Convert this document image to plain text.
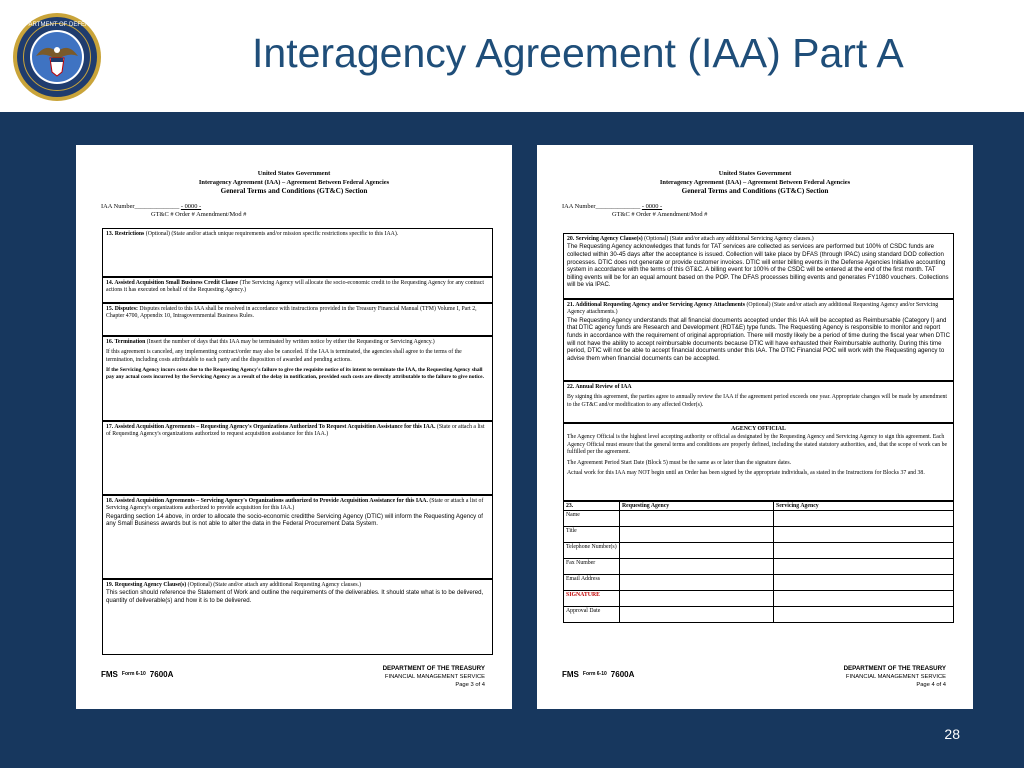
DEPARTMENT OF DEFENSE
Interagency Agreement (IAA) Part A
28
United States Government
Interagency Agreement (IAA) – Agreement Between Federal Agencies
General Terms and Conditions (GT&C) Section
IAA Number______________ - 0000 -
GT&C # Order # Amendment/Mod #
13. Restrictions (Optional) (State and/or attach unique requirements and/or mission specific restrictions specific to this IAA).
14. Assisted Acquisition Small Business Credit Clause (The Servicing Agency will allocate the socio-economic credit to the Requesting Agency for any contract actions it has executed on behalf of the Requesting Agency.)
15. Disputes: Disputes related to this IAA shall be resolved in accordance with instructions provided in the Treasury Financial Manual (TFM) Volume I, Part 2, Chapter 4700, Appendix 10, Intragovernmental Business Rules.

16. Termination (Insert the number of days that this IAA may be terminated by written notice by either the Requesting or Servicing Agency.)

If this agreement is canceled, any implementing contract/order may also be canceled. If the IAA is terminated, the agencies shall agree to the terms of the termination, including costs attributable to each party and the disposition of awarded and pending actions.

If the Servicing Agency incurs costs due to the Requesting Agency's failure to give the requisite notice of its intent to terminate the IAA, the Requesting Agency shall pay any actual costs incurred by the Servicing Agency as a result of the delay in notification, provided such costs are directly attributable to the failure to give notice.

17. Assisted Acquisition Agreements – Requesting Agency's Organizations Authorized To Request Acquisition Assistance for this IAA. (State or attach a list of Requesting Agency's organizations authorized to request acquisition assistance for this IAA.)
18. Assisted Acquisition Agreements – Servicing Agency's Organizations authorized to Provide Acquisition Assistance for this IAA. (State or attach a list of Servicing Agency's organizations authorized to provide acquisition for this IAA.)
Regarding section 14 above, in order to allocate the socio-economic creditthe Servicing Agency (DTIC) will inform the Requesting Agency of any Small Business awards but is not able to alter the data in the Federal Procurement Data System.
19. Requesting Agency Clause(s) (Optional) (State and/or attach any additional Requesting Agency clauses.)
This section should reference the Statement of Work and outline the requirements of the deliverables. It should state what is to be delivered, quantity of deliverable(s) and how it is to be delivered.
FMS Form 6-10 7600A
DEPARTMENT OF THE TREASURY
FINANCIAL MANAGEMENT SERVICE
Page 3 of 4
United States Government
Interagency Agreement (IAA) – Agreement Between Federal Agencies
General Terms and Conditions (GT&C) Section
IAA Number______________ - 0000 -
GT&C # Order # Amendment/Mod #
20. Servicing Agency Clause(s) (Optional) (State and/or attach any additional Servicing Agency clauses.)
The Requesting Agency acknowledges that funds for TAT services are collected as services are performed but 100% of CSDC funds are collected within 30-45 days after the acceptance is issued. Collection will take place by DFAS (through IPAC) using standard DOD collection processes. DTIC does not generate or provide customer invoices. DTIC will enter billing events in the Defense Agencies Initiative accounting system in accordance with the terms of this GT&C. A billing event for 100% of the CSDC will be entered at the end of the first month. TAT billing events will be for an equal amount based on the POP. The DFAS processes billing events and generates FY1080 vouchers. Collections will be via IPAC.
21. Additional Requesting Agency and/or Servicing Agency Attachments (Optional) (State and/or attach any additional Requesting Agency and/or Servicing Agency attachments.)
The Requesting Agency understands that all financial documents accepted under this IAA will be accepted as Reimbursable (Category I) and that DTIC agency funds are Research and Development (RDT&E) type funds. The Requesting Agency is responsible to monitor and report funds in accordance with the requirement of original appropriation. There will mostly likely be a period of time during the fiscal year when DTIC will not have the ability to accept reimbursable documents because DTIC will have exhausted their Reimbursable authority. During this time period, DTIC will not be able to accept financial documents under this IAA. The DTIC Financial POC will work with the Requesting agency to advise them when financial documents can be accepted.

22. Annual Review of IAA

By signing this agreement, the parties agree to annually review the IAA if the agreement period exceeds one year. Appropriate changes will be made by amendment to the GT&C and/or modification to any affected Order(s).

AGENCY OFFICIAL

The Agency Official is the highest level accepting authority or official as designated by the Requesting Agency and Servicing Agency to sign this agreement. Each Agency Official must ensure that the general terms and conditions are properly defined, including the stated statutory authorities, and, that the scope of work can be fulfilled per the agreement.

The Agreement Period Start Date (Block 5) must be the same as or later than the signature dates.

Actual work for this IAA may NOT begin until an Order has been signed by the appropriate individuals, as stated in the Instructions for Blocks 37 and 38.

23.	Requesting Agency	Servicing Agency
Name		
Title		
Telephone Number(s)		
Fax Number		
Email Address		
SIGNATURE		
Approval Date		
FMS Form 6-10 7600A
DEPARTMENT OF THE TREASURY
FINANCIAL MANAGEMENT SERVICE
Page 4 of 4
